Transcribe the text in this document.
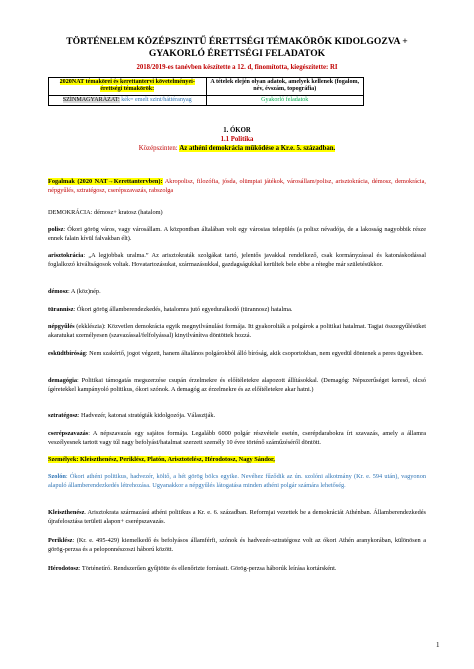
TÖRTÉNELEM KÖZÉPSZINTŰ ÉRETTSÉGI TÉMAKÖRÖK KIDOLGOZVA +
GYAKORLÓ ÉRETTSÉGI FELADATOK
2018/2019-es tanévben készítette a 12. d, finomította, kiegészítette: RI
2020NAT témakörei és kerettantervi követelményei- érettségi témakörök:	A tételek elején olyan adatok, amelyek kellenek (fogalom, név, évszám, topográfia)
SZÍNMAGYARÁZAT: kék= emelt szint/háttéranyag	Gyakorló feladatok
1. ÓKOR
1.1 Politika
Középszinten: Az athéni demokrácia működése a Kr.e. 5. században.
Fogalmak (2020 NAT→Kerettantervben): Akropolisz, filozófia, jósda, olümpiai játékok, városállam/polisz, arisztokrácia, démosz, demokrácia, népgyűlés, sztratégosz, cserépszavazás, rabszolga
DEMOKRÁCIA: démosz+ kratosz (hatalom)
polisz: Ókori görög város, vagy városállam. A központban általában volt egy városias település (a polisz névadója, de a lakosság nagyobbik része ennek falain kívül falvakban élt).
arisztokrácia: „A legjobbak uralma.” Az arisztokraták szolgákat tartó, jelentős javakkal rendelkező, csak kormányzással és katonáskodással foglalkozó kiváltságosok voltak. Hovatartozásukat, származásukkal, gazdagságukkal kerültek bele ebbe a rétegbe már születésükkor.
démosz: A (köz)nép.
türannisz: Ókori görög államberendezkedés, hatalomra jutó egyeduralkodó (türannosz) hatalma.
népgyűlés (ekklészia): Közvetlen demokrácia egyik megnyilvánulási formája. Itt gyakorolták a polgárok a politikai hatalmat. Tagjai összegyűlésüket akaratukat személyesen (szavazással/felfolyással) kinyilvánítva döntöttek hozzá.
esküdtbíróság: Nem szakértő, jogot végzett, hanem általános polgárokból álló bíróság, akik csoportokban, nem egyedül döntenek a peres ügyekben.
demagógia: Politikai támogatás megszerzése csupán érzelmekre és előítéletekre alapozott állításokkal. (Demagóg: Népszerűséget kereső, olcsó ígéretekkel kampányoló politikus, ókori szónok. A demagóg az érzelmekre és az előítéletekre akar hatni.)
sztratégosz: Hadvezér, katonai stratégiák kidolgozója. Választják.
cserépszavazás: A népszavazás egy sajátos formája. Legalább 6000 polgár részvétele esetén, cserépdarabokra írt szavazás, amely a államra veszélyesnek tartott vagy túl nagy befolyást/hatalmat szerzett személy 10 évre történő száműzéséről döntött.
Személyek: Kleiszthenész, Periklész, Platón, Arisztotelész, Hérodotosz, Nagy Sándor,
Szolón: Ókori athéni politikus, hadvezér, költő, a hét görög bölcs egyike. Nevéhez fűződik az ún. szolóni alkotmány (Kr. e. 594 után), vagyonon alapuló államberendezkedés létrehozása. Ugyanakkor a népgyűlés látogatása minden athéni polgár számára lehetőség.
Kleiszthenész. Arisztokrata származású athéni politikus a Kr. e. 6. században. Reformjai vezettek be a demokráciát Athénban. Államberendezkedés újrafelosztása területi alapon+ cserépszavazás.
Periklész: (Kr. e. 495-429) kiemelkedő és befolyásos államférfi, szónok és hadvezér-sztratégosz volt az ókori Athén aranykorában, különösen a görög-perzsa és a peloponnészoszi háború között.
Hérodotosz: Történetíró. Rendszerűen gyűjtötte és ellenőrizte forrásait. Görög-perzsa háborúk leírása kortársként.
1
